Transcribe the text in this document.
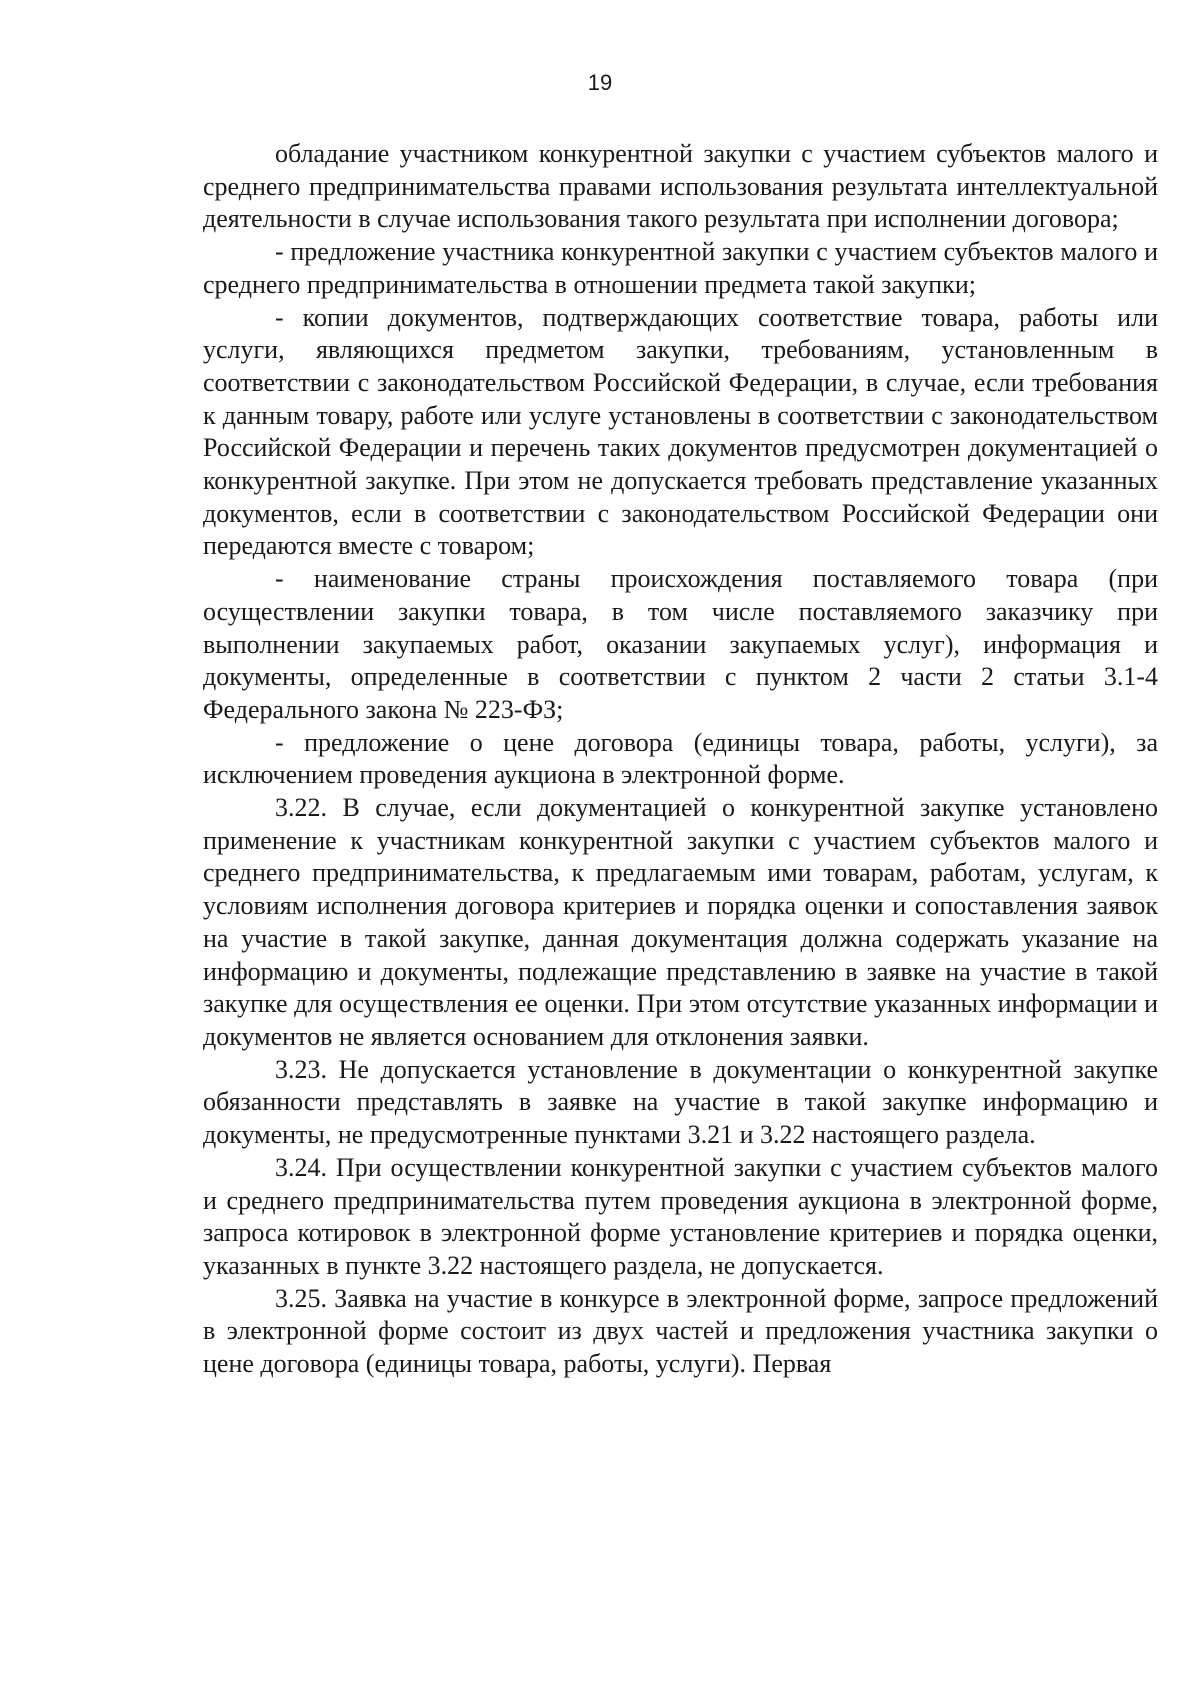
19

обладание участником конкурентной закупки с участием субъектов малого и среднего предпринимательства правами использования результата интеллектуальной деятельности в случае использования такого результата при исполнении договора;

- предложение участника конкурентной закупки с участием субъектов малого и среднего предпринимательства в отношении предмета такой закупки;

- копии документов, подтверждающих соответствие товара, работы или услуги, являющихся предметом закупки, требованиям, установленным в соответствии с законодательством Российской Федерации, в случае, если требования к данным товару, работе или услуге установлены в соответствии с законодательством Российской Федерации и перечень таких документов предусмотрен документацией о конкурентной закупке. При этом не допускается требовать представление указанных документов, если в соответствии с законодательством Российской Федерации они передаются вместе с товаром;

- наименование страны происхождения поставляемого товара (при осуществлении закупки товара, в том числе поставляемого заказчику при выполнении закупаемых работ, оказании закупаемых услуг), информация и документы, определенные в соответствии с пунктом 2 части 2 статьи 3.1-4 Федерального закона № 223-ФЗ;

- предложение о цене договора (единицы товара, работы, услуги), за исключением проведения аукциона в электронной форме.

3.22. В случае, если документацией о конкурентной закупке установлено применение к участникам конкурентной закупки с участием субъектов малого и среднего предпринимательства, к предлагаемым ими товарам, работам, услугам, к условиям исполнения договора критериев и порядка оценки и сопоставления заявок на участие в такой закупке, данная документация должна содержать указание на информацию и документы, подлежащие представлению в заявке на участие в такой закупке для осуществления ее оценки. При этом отсутствие указанных информации и документов не является основанием для отклонения заявки.

3.23. Не допускается установление в документации о конкурентной закупке обязанности представлять в заявке на участие в такой закупке информацию и документы, не предусмотренные пунктами 3.21 и 3.22 настоящего раздела.

3.24. При осуществлении конкурентной закупки с участием субъектов малого и среднего предпринимательства путем проведения аукциона в электронной форме, запроса котировок в электронной форме установление критериев и порядка оценки, указанных в пункте 3.22 настоящего раздела, не допускается.

3.25. Заявка на участие в конкурсе в электронной форме, запросе предложений в электронной форме состоит из двух частей и предложения участника закупки о цене договора (единицы товара, работы, услуги). Первая
